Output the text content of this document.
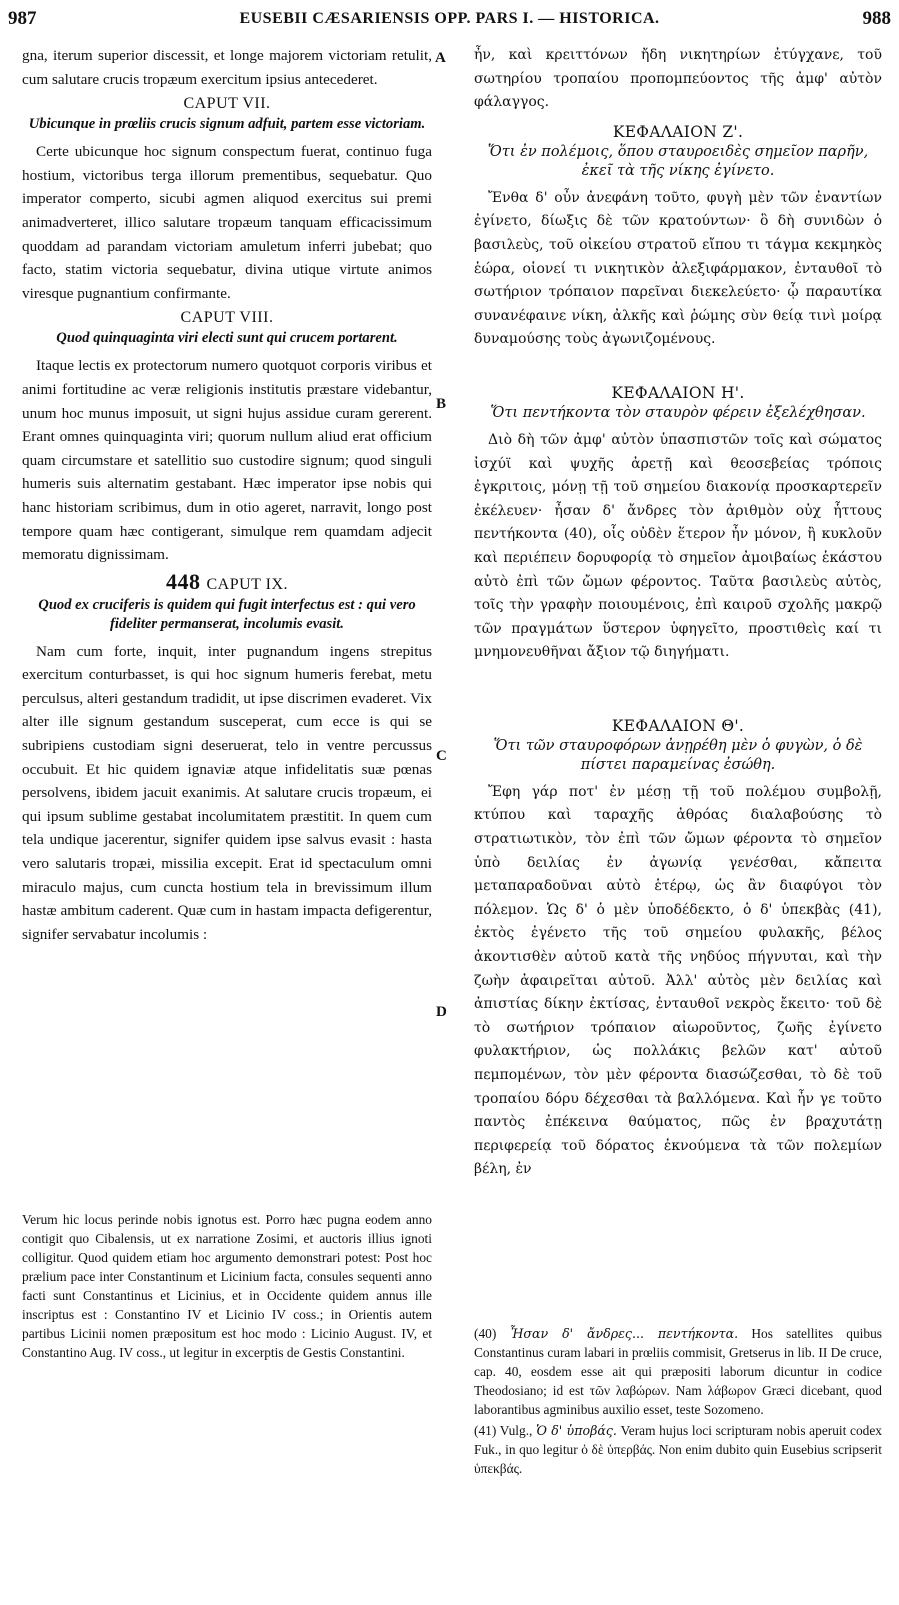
987	EUSEBII CÆSARIENSIS OPP. PARS I. — HISTORICA.	988
A
B
C
D

gna, iterum superior discessit, et longe majorem victoriam retulit, cum salutare crucis tropæum exercitum ipsius antecederet.

CAPUT VII.
Ubicunque in prœliis crucis signum adfuit, partem esse victoriam.

Certe ubicunque hoc signum conspectum fuerat, continuo fuga hostium, victoribus terga illorum prementibus, sequebatur. Quo imperator comperto, sicubi agmen aliquod exercitus sui premi animadverteret, illico salutare tropæum tanquam efficacissimum quoddam ad parandam victoriam amuletum inferri jubebat; quo facto, statim victoria sequebatur, divina utique virtute animos viresque pugnantium confirmante.

CAPUT VIII.
Quod quinquaginta viri electi sunt qui crucem portarent.

Itaque lectis ex protectorum numero quotquot corporis viribus et animi fortitudine ac veræ religionis institutis præstare videbantur, unum hoc munus imposuit, ut signi hujus assidue curam gererent. Erant omnes quinquaginta viri; quorum nullum aliud erat officium quam circumstare et satellitio suo custodire signum; quod singuli humeris suis alternatim gestabant. Hæc imperator ipse nobis qui hanc historiam scribimus, dum in otio ageret, narravit, longo post tempore quam hæc contigerant, simulque rem quamdam adjecit memoratu dignissimam.

448 CAPUT IX.
Quod ex cruciferis is quidem qui fugit interfectus est : qui vero fideliter permanserat, incolumis evasit.

Nam cum forte, inquit, inter pugnandum ingens strepitus exercitum conturbasset, is qui hoc signum humeris ferebat, metu perculsus, alteri gestandum tradidit, ut ipse discrimen evaderet. Vix alter ille signum gestandum susceperat, cum ecce is qui se subripiens custodiam signi deseruerat, telo in ventre percussus occubuit. Et hic quidem ignaviæ atque infidelitatis suæ pœnas persolvens, ibidem jacuit exanimis. At salutare crucis tropæum, ei qui ipsum sublime gestabat incolumitatem præstitit. In quem cum tela undique jacerentur, signifer quidem ipse salvus evasit : hasta vero salutaris tropæi, missilia excepit. Erat id spectaculum omni miraculo majus, cum cuncta hostium tela in brevissimum illum hastæ ambitum caderent. Quæ cum in hastam impacta defigerentur, signifer servabatur incolumis :

Verum hic locus perinde nobis ignotus est. Porro hæc pugna eodem anno contigit quo Cibalensis, ut ex narratione Zosimi, et auctoris illius ignoti colligitur. Quod quidem etiam hoc argumento demonstrari potest: Post hoc prælium pace inter Constantinum et Licinium facta, consules sequenti anno facti sunt Constantinus et Licinius, et in Occidente quidem annus ille inscriptus est : Constantino IV et Licinio IV coss.; in Orientis autem partibus Licinii nomen præpositum est hoc modo : Licinio August. IV, et Constantino Aug. IV coss., ut legitur in excerptis de Gestis Constantini.

ἦν, καὶ κρειττόνων ἤδη νικητηρίων ἐτύγχανε, τοῦ σωτηρίου τροπαίου προπομπεύοντος τῆς ἀμφ' αὐτὸν φάλαγγος.

ΚΕΦΑΛΑΙΟΝ Ζ'.
Ὅτι ἐν πολέμοις, ὅπου σταυροειδὲς σημεῖον παρῆν, ἐκεῖ τὰ τῆς νίκης ἐγίνετο.

Ἔνθα δ' οὖν ἀνεφάνη τοῦτο, φυγὴ μὲν τῶν ἐναντίων ἐγίνετο, δίωξις δὲ τῶν κρατούντων· ὃ δὴ συνιδὼν ὁ βασιλεὺς, τοῦ οἰκείου στρατοῦ εἴπου τι τάγμα κεκμηκὸς ἑώρα, οἱονεί τι νικητικὸν ἀλεξιφάρμακον, ἐνταυθοῖ τὸ σωτήριον τρόπαιον παρεῖναι διεκελεύετο· ᾧ παραυτίκα συνανέφαινε νίκη, ἀλκῆς καὶ ῥώμης σὺν θείᾳ τινὶ μοίρᾳ δυναμούσης τοὺς ἀγωνιζομένους.

ΚΕΦΑΛΑΙΟΝ Η'.
Ὅτι πεντήκοντα τὸν σταυρὸν φέρειν ἐξελέχθησαν.

Διὸ δὴ τῶν ἀμφ' αὐτὸν ὑπασπιστῶν τοῖς καὶ σώματος ἰσχύϊ καὶ ψυχῆς ἀρετῇ καὶ θεοσεβείας τρόποις ἐγκριτοις, μόνῃ τῇ τοῦ σημείου διακονίᾳ προσκαρτερεῖν ἐκέλευεν· ἦσαν δ' ἄνδρες τὸν ἀριθμὸν οὐχ ἧττους πεντήκοντα (40), οἷς οὐδὲν ἕτερον ἦν μόνον, ἢ κυκλοῦν καὶ περιέπειν δορυφορίᾳ τὸ σημεῖον ἀμοιβαίως ἑκάστου αὐτὸ ἐπὶ τῶν ὤμων φέροντος. Ταῦτα βασιλεὺς αὐτὸς, τοῖς τὴν γραφὴν ποιουμένοις, ἐπὶ καιροῦ σχολῆς μακρῷ τῶν πραγμάτων ὕστερον ὑφηγεῖτο, προστιθεὶς καί τι μνημονευθῆναι ἄξιον τῷ διηγήματι.

ΚΕΦΑΛΑΙΟΝ Θ'.
Ὅτι τῶν σταυροφόρων ἀνῃρέθη μὲν ὁ φυγὼν, ὁ δὲ πίστει παραμείνας ἐσώθη.

Ἔφη γάρ ποτ' ἐν μέσῃ τῇ τοῦ πολέμου συμβολῇ, κτύπου καὶ ταραχῆς ἀθρόας διαλαβούσης τὸ στρατιωτικὸν, τὸν ἐπὶ τῶν ὤμων φέροντα τὸ σημεῖον ὑπὸ δειλίας ἐν ἀγωνίᾳ γενέσθαι, κἄπειτα μεταπαραδοῦναι αὐτὸ ἑτέρῳ, ὡς ἂν διαφύγοι τὸν πόλεμον. Ὡς δ' ὁ μὲν ὑποδέδεκτο, ὁ δ' ὑπεκβὰς (41), ἐκτὸς ἐγένετο τῆς τοῦ σημείου φυλακῆς, βέλος ἀκοντισθὲν αὐτοῦ κατὰ τῆς νηδύος πήγνυται, καὶ τὴν ζωὴν ἀφαιρεῖται αὐτοῦ. Ἀλλ' αὐτὸς μὲν δειλίας καὶ ἀπιστίας δίκην ἐκτίσας, ἐνταυθοῖ νεκρὸς ἔκειτο· τοῦ δὲ τὸ σωτήριον τρόπαιον αἰωροῦντος, ζωῆς ἐγίνετο φυλακτήριον, ὡς πολλάκις βελῶν κατ' αὐτοῦ πεμπομένων, τὸν μὲν φέροντα διασώζεσθαι, τὸ δὲ τοῦ τροπαίου δόρυ δέχεσθαι τὰ βαλλόμενα. Καὶ ἦν γε τοῦτο παντὸς ἐπέκεινα θαύματος, πῶς ἐν βραχυτάτῃ περιφερείᾳ τοῦ δόρατος ἐκνούμενα τὰ τῶν πολεμίων βέλη, ἐν

(40) Ἦσαν δ' ἄνδρες... πεντήκοντα. Hos satellites quibus Constantinus curam labari in prœliis commisit, Gretserus in lib. II De cruce, cap. 40, eosdem esse ait qui præpositi laborum dicuntur in codice Theodosiano; id est τῶν λαβώρων. Nam λάβωρον Græci dicebant, quod laborantibus agminibus auxilio esset, teste Sozomeno.

(41) Vulg., Ὁ δ' ὑποβάς. Veram hujus loci scripturam nobis aperuit codex Fuk., in quo legitur ὁ δὲ ὑπερβάς. Non enim dubito quin Eusebius scripserit ὑπεκβάς.
